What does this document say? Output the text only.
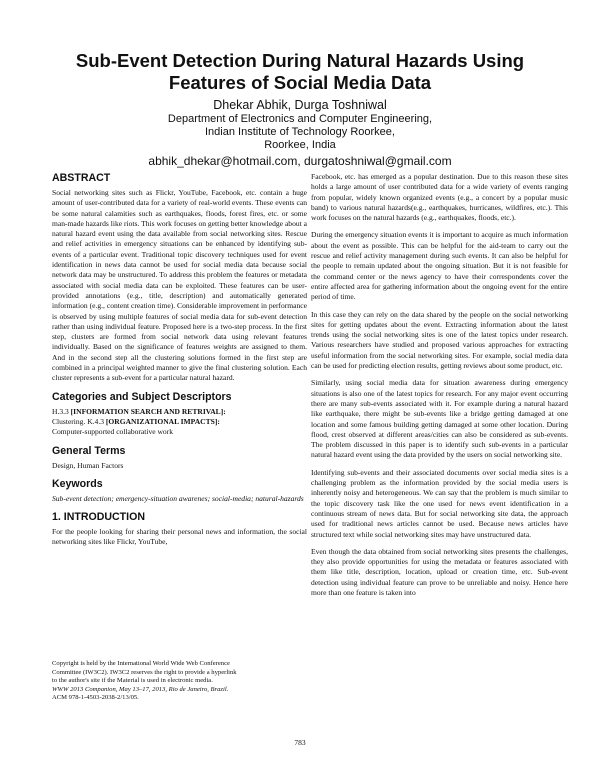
Sub-Event Detection During Natural Hazards Using
Features of Social Media Data
Dhekar Abhik, Durga Toshniwal
Department of Electronics and Computer Engineering,
Indian Institute of Technology Roorkee,
Roorkee, India
abhik_dhekar@hotmail.com, durgatoshniwal@gmail.com
ABSTRACT

Social networking sites such as Flickr, YouTube, Facebook, etc. contain a huge amount of user-contributed data for a variety of real-world events. These events can be some natural calamities such as earthquakes, floods, forest fires, etc. or some man-made hazards like riots. This work focuses on getting better knowledge about a natural hazard event using the data available from social networking sites. Rescue and relief activities in emergency situations can be enhanced by identifying sub-events of a particular event. Traditional topic discovery techniques used for event identification in news data cannot be used for social media data because social network data may be unstructured. To address this problem the features or metadata associated with social media data can be exploited. These features can be user-provided annotations (e.g., title, description) and automatically generated information (e.g., content creation time). Considerable improvement in performance is observed by using multiple features of social media data for sub-event detection rather than using individual feature. Proposed here is a two-step process. In the first step, clusters are formed from social network data using relevant features individually. Based on the significance of features weights are assigned to them. And in the second step all the clustering solutions formed in the first step are combined in a principal weighted manner to give the final clustering solution. Each cluster represents a sub-event for a particular natural hazard.

Categories and Subject Descriptors

H.3.3 [INFORMATION SEARCH AND RETRIVAL]:
Clustering. K.4.3 [ORGANIZATIONAL IMPACTS]:
Computer-supported collaborative work

General Terms

Design, Human Factors

Keywords

Sub-event detection; emergency-situation awarenes; social-media; natural-hazards

1. INTRODUCTION

For the people looking for sharing their personal news and information, the social networking sites like Flickr, YouTube,

Copyright is held by the International World Wide Web Conference
Committee (IW3C2). IW3C2 reserves the right to provide a hyperlink
to the author's site if the Material is used in electronic media.
WWW 2013 Companion, May 13–17, 2013, Rio de Janeiro, Brazil.
ACM 978-1-4503-2038-2/13/05.

Facebook, etc. has emerged as a popular destination. Due to this reason these sites holds a large amount of user contributed data for a wide variety of events ranging from popular, widely known organized events (e.g., a concert by a popular music band) to various natural hazards(e.g., earthquakes, hurricanes, wildfires, etc.). This work focuses on the natural hazards (e.g., earthquakes, floods, etc.).

During the emergency situation events it is important to acquire as much information about the event as possible. This can be helpful for the aid-team to carry out the rescue and relief activity management during such events. It can also be helpful for the people to remain updated about the ongoing situation. But it is not feasible for the command center or the news agency to have their correspondents cover the entire affected area for gathering information about the ongoing event for the entire period of time.

In this case they can rely on the data shared by the people on the social networking sites for getting updates about the event. Extracting information about the latest trends using the social networking sites is one of the latest topics under research. Various researchers have studied and proposed various approaches for extracting useful information from the social networking sites. For example, social media data can be used for predicting election results, getting reviews about some product, etc.

Similarly, using social media data for situation awareness during emergency situations is also one of the latest topics for research. For any major event occurring there are many sub-events associated with it. For example during a natural hazard like earthquake, there might be sub-events like a bridge getting damaged at one location and some famous building getting damaged at some other location. During flood, crest observed at different areas/cities can also be considered as sub-events. The problem discussed in this paper is to identify such sub-events in a particular natural hazard event using the data provided by the users on social networking site.

Identifying sub-events and their associated documents over social media sites is a challenging problem as the information provided by the social media users is inherently noisy and heterogeneous. We can say that the problem is much similar to the topic discovery task like the one used for news event identification in a continuous stream of news data. But for social networking site data, the approach used for traditional news articles cannot be used. Because news articles have structured text while social networking sites may have unstructured data.

Even though the data obtained from social networking sites presents the challenges, they also provide opportunities for using the metadata or features associated with them like title, description, location, upload or creation time, etc. Sub-event detection using individual feature can prove to be unreliable and noisy. Hence here more than one feature is taken into

783
